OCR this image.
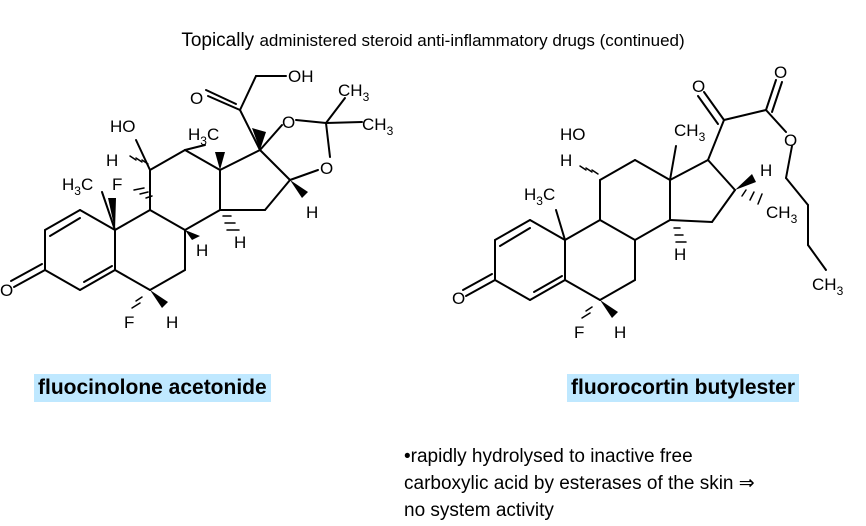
Topically administered steroid anti-inflammatory drugs (continued)
OH
O	$CH_3$
$CH_3$
O
O
HO	$H_3C$
H
$H_3C$ F
O
H
H H
F H
O
O
O
$CH_3$
HO
H
$H_3C$
H
$CH_3$
$CH_3$
O
H
F H
fluocinolone acetonide	fluorocortin butylester
•rapidly hydrolysed to inactive free
carboxylic acid by esterases of the skin ⇒
no system activity
